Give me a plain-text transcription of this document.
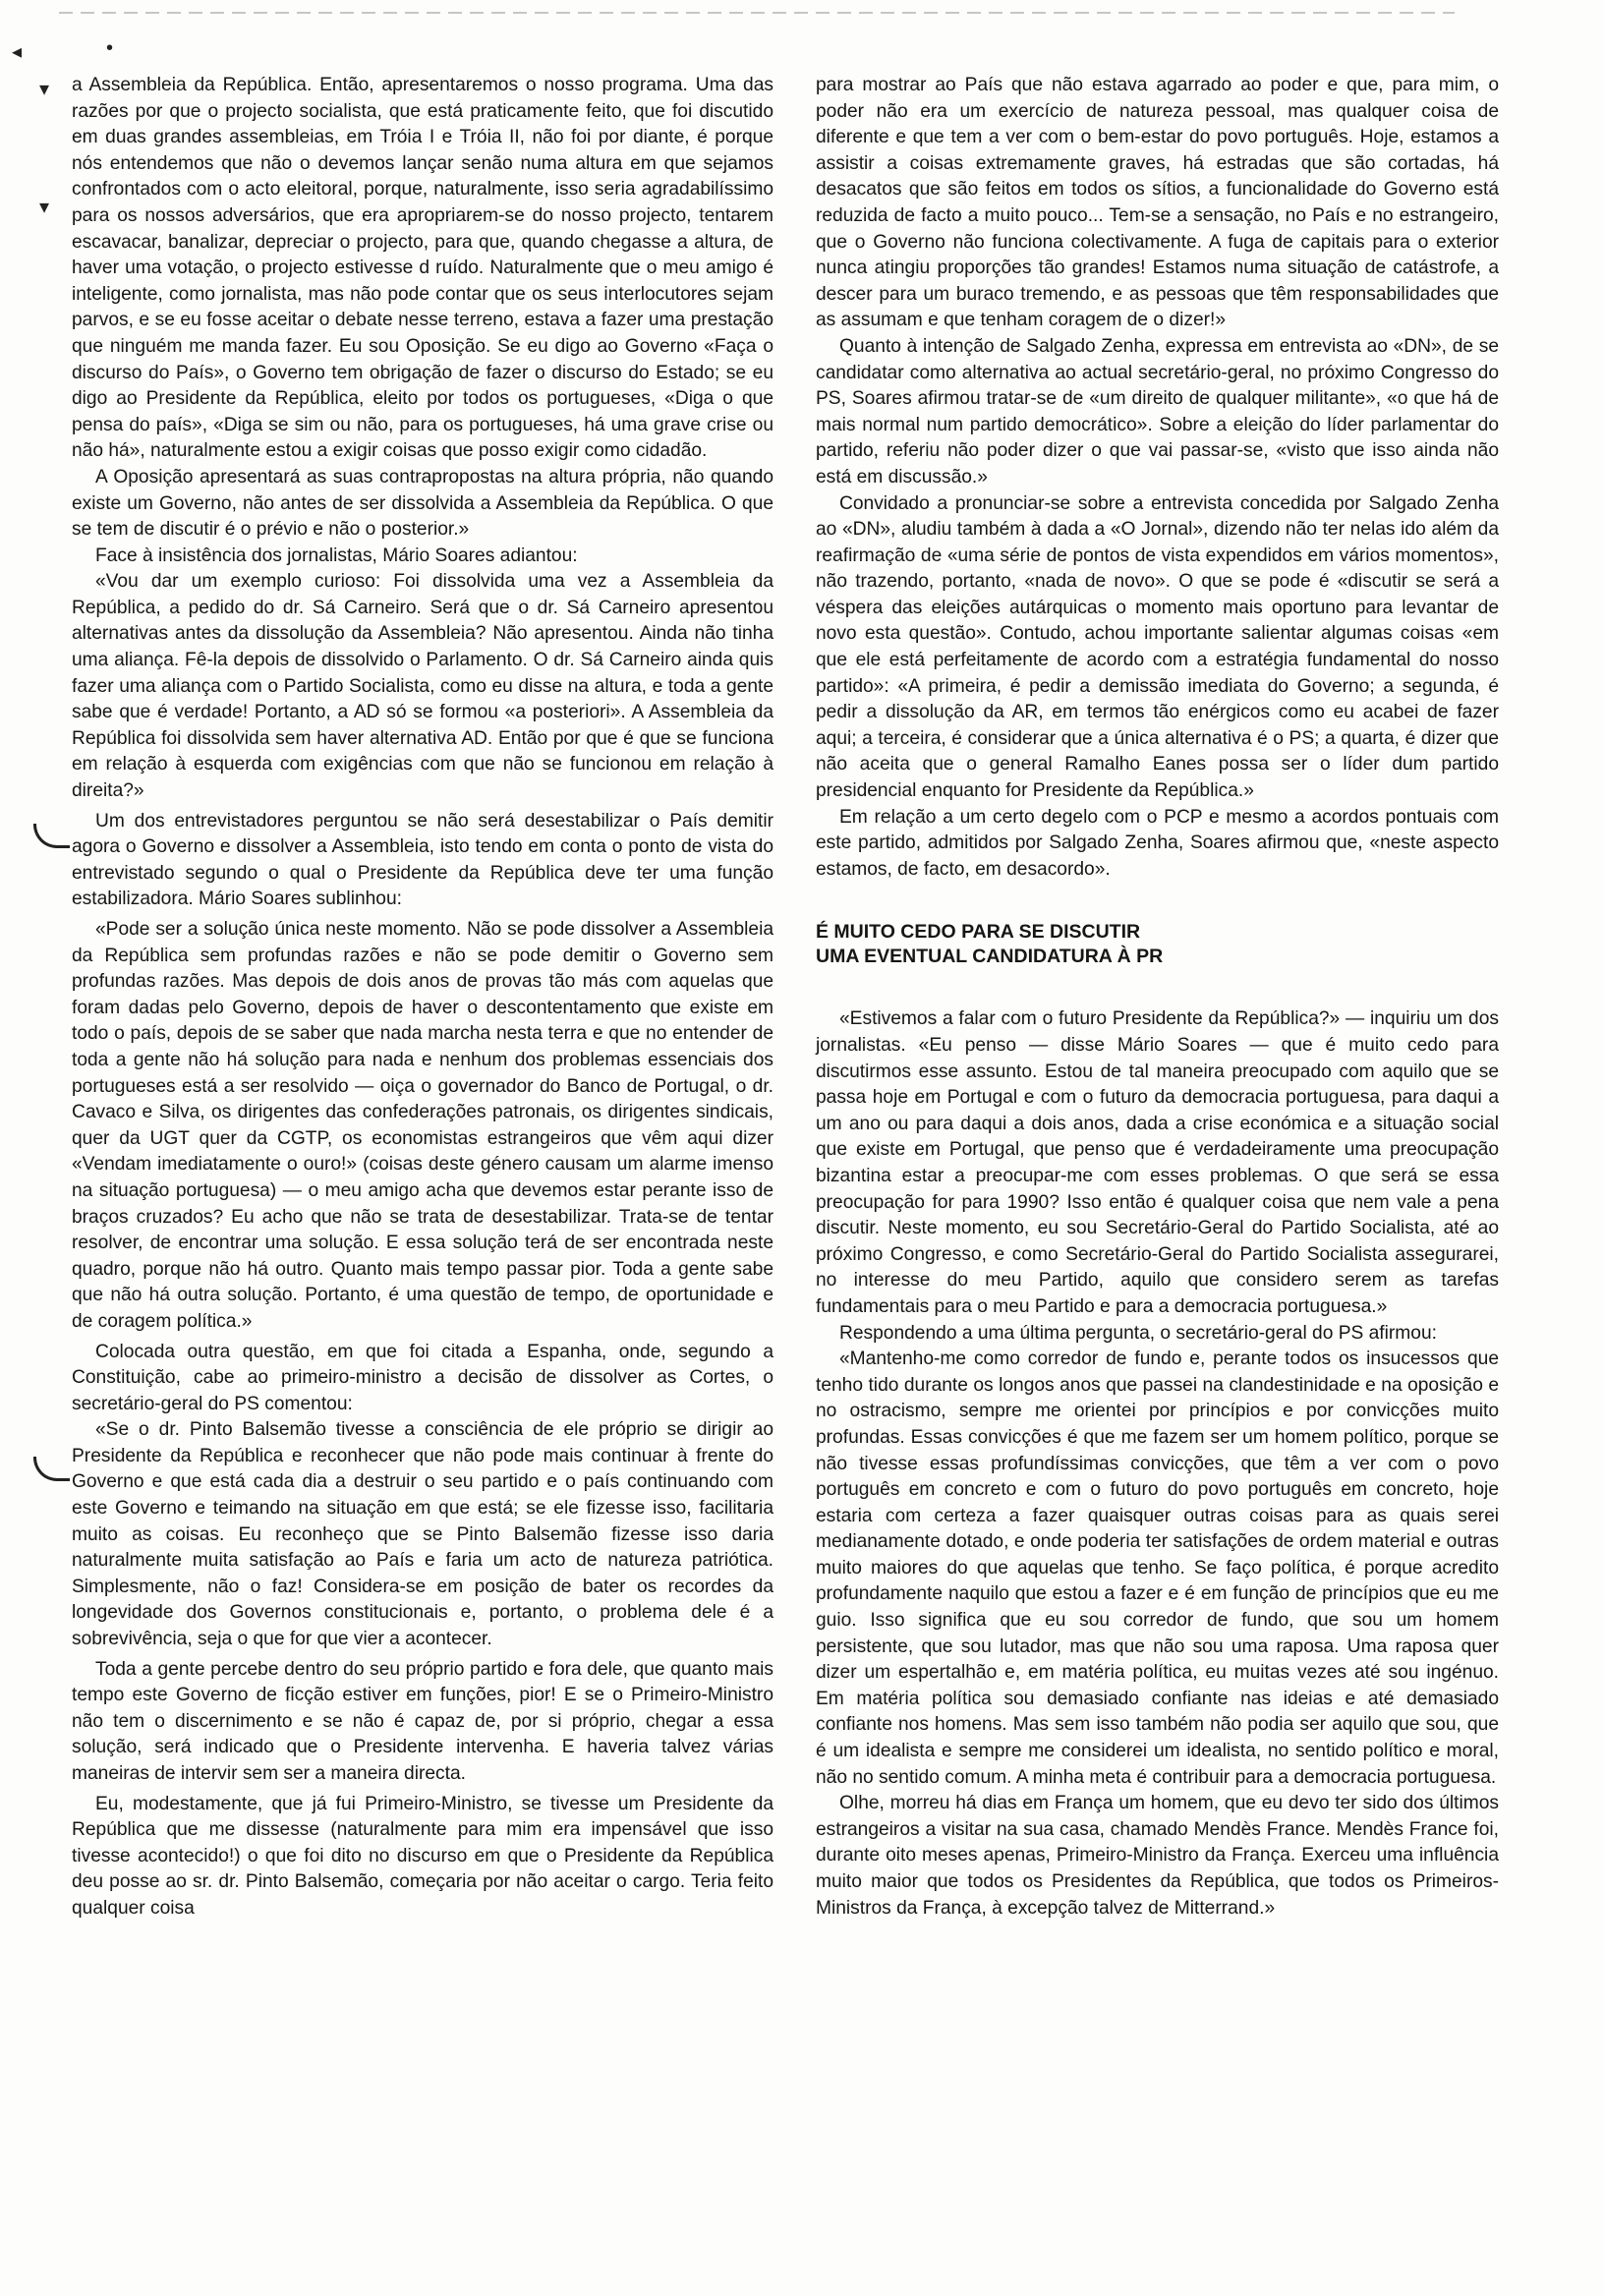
◂	•
▾
▾

a Assembleia da República. Então, apresentaremos o nosso programa. Uma das razões por que o projecto socialista, que está praticamente feito, que foi discutido em duas grandes assembleias, em Tróia I e Tróia II, não foi por diante, é porque nós entendemos que não o devemos lançar senão numa altura em que sejamos confrontados com o acto eleitoral, porque, naturalmente, isso seria agradabilíssimo para os nossos adversários, que era apropriarem-se do nosso projecto, tentarem escavacar, banalizar, depreciar o projecto, para que, quando chegasse a altura, de haver uma votação, o projecto estivesse d ruído. Naturalmente que o meu amigo é inteligente, como jornalista, mas não pode contar que os seus interlocutores sejam parvos, e se eu fosse aceitar o debate nesse terreno, estava a fazer uma prestação que ninguém me manda fazer. Eu sou Oposição. Se eu digo ao Governo «Faça o discurso do País», o Governo tem obrigação de fazer o discurso do Estado; se eu digo ao Presidente da República, eleito por todos os portugueses, «Diga o que pensa do país», «Diga se sim ou não, para os portugueses, há uma grave crise ou não há», naturalmente estou a exigir coisas que posso exigir como cidadão.

A Oposição apresentará as suas contrapropostas na altura própria, não quando existe um Governo, não antes de ser dissolvida a Assembleia da República. O que se tem de discutir é o prévio e não o posterior.»

Face à insistência dos jornalistas, Mário Soares adiantou:

«Vou dar um exemplo curioso: Foi dissolvida uma vez a Assembleia da República, a pedido do dr. Sá Carneiro. Será que o dr. Sá Carneiro apresentou alternativas antes da dissolução da Assembleia? Não apresentou. Ainda não tinha uma aliança. Fê-la depois de dissolvido o Parlamento. O dr. Sá Carneiro ainda quis fazer uma aliança com o Partido Socialista, como eu disse na altura, e toda a gente sabe que é verdade! Portanto, a AD só se formou «a posteriori». A Assembleia da República foi dissolvida sem haver alternativa AD. Então por que é que se funciona em relação à esquerda com exigências com que não se funcionou em relação à direita?»

Um dos entrevistadores perguntou se não será desestabilizar o País demitir agora o Governo e dissolver a Assembleia, isto tendo em conta o ponto de vista do entrevistado segundo o qual o Presidente da República deve ter uma função estabilizadora. Mário Soares sublinhou:

«Pode ser a solução única neste momento. Não se pode dissolver a Assembleia da República sem profundas razões e não se pode demitir o Governo sem profundas razões. Mas depois de dois anos de provas tão más com aquelas que foram dadas pelo Governo, depois de haver o descontentamento que existe em todo o país, depois de se saber que nada marcha nesta terra e que no entender de toda a gente não há solução para nada e nenhum dos problemas essenciais dos portugueses está a ser resolvido — oiça o governador do Banco de Portugal, o dr. Cavaco e Silva, os dirigentes das confederações patronais, os dirigentes sindicais, quer da UGT quer da CGTP, os economistas estrangeiros que vêm aqui dizer «Vendam imediatamente o ouro!» (coisas deste género causam um alarme imenso na situação portuguesa) — o meu amigo acha que devemos estar perante isso de braços cruzados? Eu acho que não se trata de desestabilizar. Trata-se de tentar resolver, de encontrar uma solução. E essa solução terá de ser encontrada neste quadro, porque não há outro. Quanto mais tempo passar pior. Toda a gente sabe que não há outra solução. Portanto, é uma questão de tempo, de oportunidade e de coragem política.»

Colocada outra questão, em que foi citada a Espanha, onde, segundo a Constituição, cabe ao primeiro-ministro a decisão de dissolver as Cortes, o secretário-geral do PS comentou:

«Se o dr. Pinto Balsemão tivesse a consciência de ele próprio se dirigir ao Presidente da República e reconhecer que não pode mais continuar à frente do Governo e que está cada dia a destruir o seu partido e o país continuando com este Governo e teimando na situação em que está; se ele fizesse isso, facilitaria muito as coisas. Eu reconheço que se Pinto Balsemão fizesse isso daria naturalmente muita satisfação ao País e faria um acto de natureza patriótica. Simplesmente, não o faz! Considera-se em posição de bater os recordes da longevidade dos Governos constitucionais e, portanto, o problema dele é a sobrevivência, seja o que for que vier a acontecer.

Toda a gente percebe dentro do seu próprio partido e fora dele, que quanto mais tempo este Governo de ficção estiver em funções, pior! E se o Primeiro-Ministro não tem o discernimento e se não é capaz de, por si próprio, chegar a essa solução, será indicado que o Presidente intervenha. E haveria talvez várias maneiras de intervir sem ser a maneira directa.

Eu, modestamente, que já fui Primeiro-Ministro, se tivesse um Presidente da República que me dissesse (naturalmente para mim era impensável que isso tivesse acontecido!) o que foi dito no discurso em que o Presidente da República deu posse ao sr. dr. Pinto Balsemão, começaria por não aceitar o cargo. Teria feito qualquer coisa

para mostrar ao País que não estava agarrado ao poder e que, para mim, o poder não era um exercício de natureza pessoal, mas qualquer coisa de diferente e que tem a ver com o bem-estar do povo português. Hoje, estamos a assistir a coisas extremamente graves, há estradas que são cortadas, há desacatos que são feitos em todos os sítios, a funcionalidade do Governo está reduzida de facto a muito pouco... Tem-se a sensação, no País e no estrangeiro, que o Governo não funciona colectivamente. A fuga de capitais para o exterior nunca atingiu proporções tão grandes! Estamos numa situação de catástrofe, a descer para um buraco tremendo, e as pessoas que têm responsabilidades que as assumam e que tenham coragem de o dizer!»

Quanto à intenção de Salgado Zenha, expressa em entrevista ao «DN», de se candidatar como alternativa ao actual secretário-geral, no próximo Congresso do PS, Soares afirmou tratar-se de «um direito de qualquer militante», «o que há de mais normal num partido democrático». Sobre a eleição do líder parlamentar do partido, referiu não poder dizer o que vai passar-se, «visto que isso ainda não está em discussão.»

Convidado a pronunciar-se sobre a entrevista concedida por Salgado Zenha ao «DN», aludiu também à dada a «O Jornal», dizendo não ter nelas ido além da reafirmação de «uma série de pontos de vista expendidos em vários momentos», não trazendo, portanto, «nada de novo». O que se pode é «discutir se será a véspera das eleições autárquicas o momento mais oportuno para levantar de novo esta questão». Contudo, achou importante salientar algumas coisas «em que ele está perfeitamente de acordo com a estratégia fundamental do nosso partido»: «A primeira, é pedir a demissão imediata do Governo; a segunda, é pedir a dissolução da AR, em termos tão enérgicos como eu acabei de fazer aqui; a terceira, é considerar que a única alternativa é o PS; a quarta, é dizer que não aceita que o general Ramalho Eanes possa ser o líder dum partido presidencial enquanto for Presidente da República.»

Em relação a um certo degelo com o PCP e mesmo a acordos pontuais com este partido, admitidos por Salgado Zenha, Soares afirmou que, «neste aspecto estamos, de facto, em desacordo».

É MUITO CEDO PARA SE DISCUTIR
UMA EVENTUAL CANDIDATURA À PR

«Estivemos a falar com o futuro Presidente da República?» — inquiriu um dos jornalistas. «Eu penso — disse Mário Soares — que é muito cedo para discutirmos esse assunto. Estou de tal maneira preocupado com aquilo que se passa hoje em Portugal e com o futuro da democracia portuguesa, para daqui a um ano ou para daqui a dois anos, dada a crise económica e a situação social que existe em Portugal, que penso que é verdadeiramente uma preocupação bizantina estar a preocupar-me com esses problemas. O que será se essa preocupação for para 1990? Isso então é qualquer coisa que nem vale a pena discutir. Neste momento, eu sou Secretário-Geral do Partido Socialista, até ao próximo Congresso, e como Secretário-Geral do Partido Socialista assegurarei, no interesse do meu Partido, aquilo que considero serem as tarefas fundamentais para o meu Partido e para a democracia portuguesa.»

Respondendo a uma última pergunta, o secretário-geral do PS afirmou:

«Mantenho-me como corredor de fundo e, perante todos os insucessos que tenho tido durante os longos anos que passei na clandestinidade e na oposição e no ostracismo, sempre me orientei por princípios e por convicções muito profundas. Essas convicções é que me fazem ser um homem político, porque se não tivesse essas profundíssimas convicções, que têm a ver com o povo português em concreto e com o futuro do povo português em concreto, hoje estaria com certeza a fazer quaisquer outras coisas para as quais serei medianamente dotado, e onde poderia ter satisfações de ordem material e outras muito maiores do que aquelas que tenho. Se faço política, é porque acredito profundamente naquilo que estou a fazer e é em função de princípios que eu me guio. Isso significa que eu sou corredor de fundo, que sou um homem persistente, que sou lutador, mas que não sou uma raposa. Uma raposa quer dizer um espertalhão e, em matéria política, eu muitas vezes até sou ingénuo. Em matéria política sou demasiado confiante nas ideias e até demasiado confiante nos homens. Mas sem isso também não podia ser aquilo que sou, que é um idealista e sempre me considerei um idealista, no sentido político e moral, não no sentido comum. A minha meta é contribuir para a democracia portuguesa.

Olhe, morreu há dias em França um homem, que eu devo ter sido dos últimos estrangeiros a visitar na sua casa, chamado Mendès France. Mendès France foi, durante oito meses apenas, Primeiro-Ministro da França. Exerceu uma influência muito maior que todos os Presidentes da República, que todos os Primeiros-Ministros da França, à excepção talvez de Mitterrand.»
